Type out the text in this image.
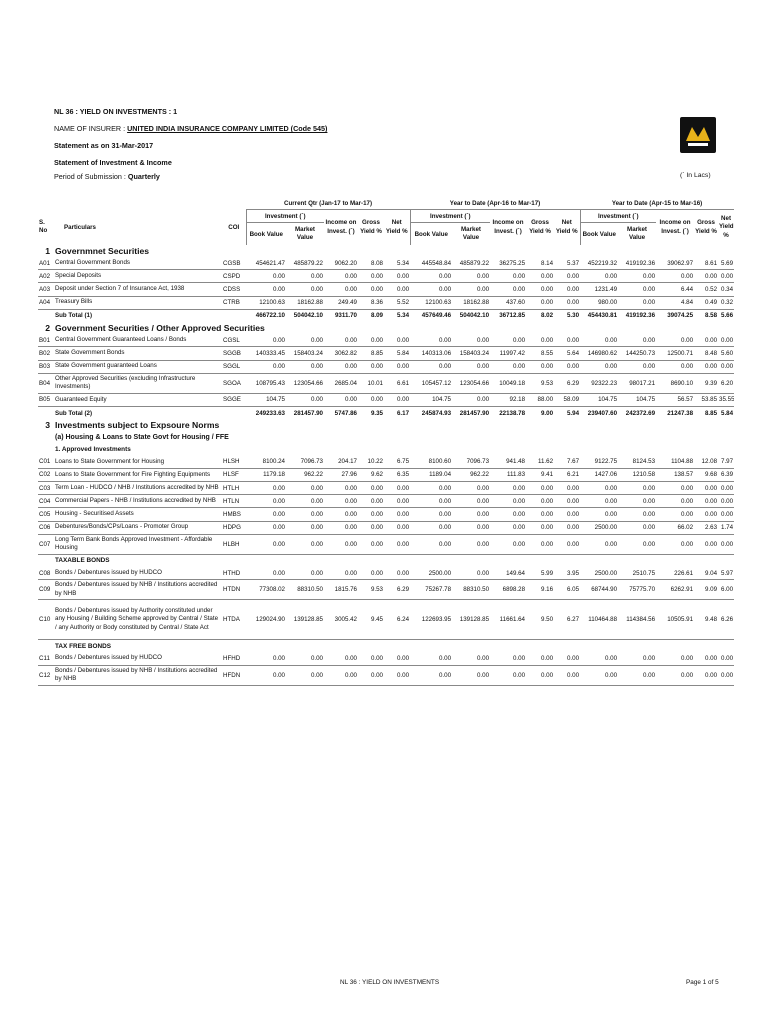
NL 36 : YIELD ON INVESTMENTS : 1
NAME OF INSURER : UNITED INDIA INSURANCE COMPANY LIMITED (Code 545)
Statement as on 31-Mar-2017
Statement of Investment & Income
Period of Submission : Quarterly	(` In Lacs)
			Current Qtr (Jan-17 to Mar-17)					Year to Date (Apr-16 to Mar-17)					Year to Date (Apr-15 to Mar-16)				
S. No	Particulars	COI	Investment (`)		Income on Invest. (`)	Gross Yield %	Net Yield %	Investment (`)		Income on Invest. (`)	Gross Yield %	Net Yield %	Investment (`)		Income on Invest. (`)	Gross Yield %	Net Yield %
			Book Value	Market Value				Book Value	Market Value				Book Value	Market Value			
1	Governmnet Securities																
A01	Central Government Bonds	CGSB	454621.47	485879.22	9062.20	8.08	5.34	445548.84	485879.22	36275.25	8.14	5.37	452219.32	419192.36	39062.97	8.61	5.69
A02	Special Deposits	CSPD	0.00	0.00	0.00	0.00	0.00	0.00	0.00	0.00	0.00	0.00	0.00	0.00	0.00	0.00	0.00
A03	Deposit under Section 7 of Insurance Act, 1938	CDSS	0.00	0.00	0.00	0.00	0.00	0.00	0.00	0.00	0.00	0.00	1231.49	0.00	6.44	0.52	0.34
A04	Treasury Bills	CTRB	12100.63	18162.88	249.49	8.36	5.52	12100.63	18162.88	437.60	0.00	0.00	980.00	0.00	4.84	0.49	0.32
	Sub Total (1)		466722.10	504042.10	9311.70	8.09	5.34	457649.46	504042.10	36712.85	8.02	5.30	454430.81	419192.36	39074.25	8.58	5.66
2	Government Securities / Other Approved Securities																
B01	Central Government Guaranteed Loans / Bonds	CGSL	0.00	0.00	0.00	0.00	0.00	0.00	0.00	0.00	0.00	0.00	0.00	0.00	0.00	0.00	0.00
B02	State Government Bonds	SGGB	140333.45	158403.24	3062.82	8.85	5.84	140313.06	158403.24	11997.42	8.55	5.64	146980.62	144250.73	12500.71	8.48	5.60
B03	State Government guaranteed Loans	SGGL	0.00	0.00	0.00	0.00	0.00	0.00	0.00	0.00	0.00	0.00	0.00	0.00	0.00	0.00	0.00
B04	Other Approved Securities (excluding Infrastructure Investments)	SGOA	108795.43	123054.66	2685.04	10.01	6.61	105457.12	123054.66	10049.18	9.53	6.29	92322.23	98017.21	8690.10	9.39	6.20
B05	Guaranteed Equity	SGGE	104.75	0.00	0.00	0.00	0.00	104.75	0.00	92.18	88.00	58.09	104.75	104.75	56.57	53.85	35.55
	Sub Total (2)		249233.63	281457.90	5747.86	9.35	6.17	245874.93	281457.90	22138.78	9.00	5.94	239407.60	242372.69	21247.38	8.85	5.84
3	Investments subject to Expsoure Norms																
	(a) Housing & Loans to State Govt for Housing / FFE																
	1. Approved Investments																
C01	Loans to State Government for Housing	HLSH	8100.24	7096.73	204.17	10.22	6.75	8100.60	7096.73	941.48	11.62	7.67	9122.75	8124.53	1104.88	12.08	7.97
C02	Loans to State Government for Fire Fighting Equipments	HLSF	1179.18	962.22	27.96	9.62	6.35	1189.04	962.22	111.83	9.41	6.21	1427.06	1210.58	138.57	9.68	6.39
C03	Term Loan - HUDCO / NHB / Institutions accredited by NHB	HTLH	0.00	0.00	0.00	0.00	0.00	0.00	0.00	0.00	0.00	0.00	0.00	0.00	0.00	0.00	0.00
C04	Commercial Papers - NHB / Institutions accredited by NHB	HTLN	0.00	0.00	0.00	0.00	0.00	0.00	0.00	0.00	0.00	0.00	0.00	0.00	0.00	0.00	0.00
C05	Housing - Securitised Assets	HMBS	0.00	0.00	0.00	0.00	0.00	0.00	0.00	0.00	0.00	0.00	0.00	0.00	0.00	0.00	0.00
C06	Debentures/Bonds/CPs/Loans - Promoter Group	HDPG	0.00	0.00	0.00	0.00	0.00	0.00	0.00	0.00	0.00	0.00	2500.00	0.00	66.02	2.63	1.74
C07	Long Term Bank Bonds Approved Investment - Affordable Housing	HLBH	0.00	0.00	0.00	0.00	0.00	0.00	0.00	0.00	0.00	0.00	0.00	0.00	0.00	0.00	0.00
	TAXABLE BONDS																
C08	Bonds / Debentures issued by HUDCO	HTHD	0.00	0.00	0.00	0.00	0.00	2500.00	0.00	149.64	5.99	3.95	2500.00	2510.75	226.61	9.04	5.97
C09	Bonds / Debentures issued by NHB / Institutions accredited by NHB	HTDN	77308.02	88310.50	1815.76	9.53	6.29	75267.78	88310.50	6898.28	9.16	6.05	68744.90	75775.70	6262.91	9.09	6.00
C10	Bonds / Debentures issued by Authority constituted under any Housing / Building Scheme approved by Central / State / any Authority or Body constituted by Central / State Act	HTDA	129024.90	139128.85	3005.42	9.45	6.24	122693.95	139128.85	11661.64	9.50	6.27	110464.88	114384.56	10505.91	9.48	6.26
	TAX FREE BONDS																
C11	Bonds / Debentures issued by HUDCO	HFHD	0.00	0.00	0.00	0.00	0.00	0.00	0.00	0.00	0.00	0.00	0.00	0.00	0.00	0.00	0.00
C12	Bonds / Debentures issued by NHB / Institutions accredited by NHB	HFDN	0.00	0.00	0.00	0.00	0.00	0.00	0.00	0.00	0.00	0.00	0.00	0.00	0.00	0.00	0.00
NL 36 : YIELD ON INVESTMENTS	Page 1 of 5
